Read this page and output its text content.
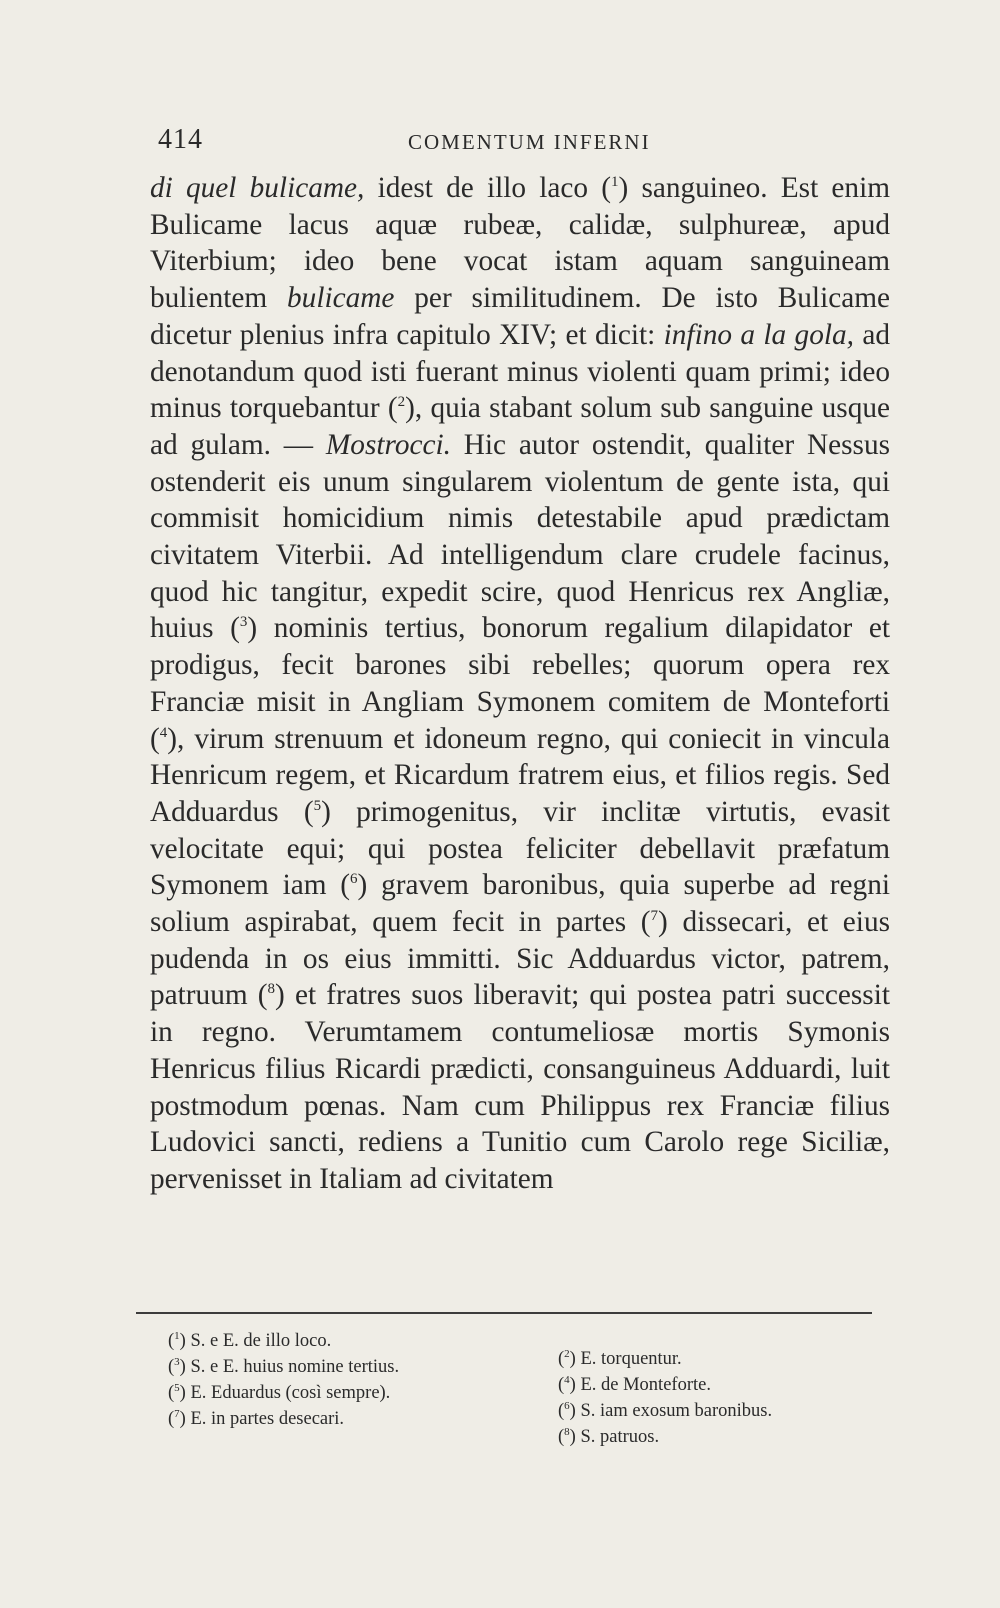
414	COMENTUM INFERNI

di quel bulicame, idest de illo laco ($^1$) sanguineo. Est enim Bulicame lacus aquæ rubeæ, calidæ, sulphureæ, apud Viterbium; ideo bene vocat istam aquam sanguineam bulientem bulicame per similitudinem. De isto Bulicame dicetur plenius infra capitulo XIV; et dicit: infino a la gola, ad denotandum quod isti fuerant minus violenti quam primi; ideo minus torquebantur ($^2$), quia stabant solum sub sanguine usque ad gulam. — Mostrocci. Hic autor ostendit, qualiter Nessus ostenderit eis unum singularem violentum de gente ista, qui commisit homicidium nimis detestabile apud prædictam civitatem Viterbii. Ad intelligendum clare crudele facinus, quod hic tangitur, expedit scire, quod Henricus rex Angliæ, huius ($^3$) nominis tertius, bonorum regalium dilapidator et prodigus, fecit barones sibi rebelles; quorum opera rex Franciæ misit in Angliam Symonem comitem de Monteforti ($^4$), virum strenuum et idoneum regno, qui coniecit in vincula Henricum regem, et Ricardum fratrem eius, et filios regis. Sed Adduardus ($^5$) primogenitus, vir inclitæ virtutis, evasit velocitate equi; qui postea feliciter debellavit præfatum Symonem iam ($^6$) gravem baronibus, quia superbe ad regni solium aspirabat, quem fecit in partes ($^7$) dissecari, et eius pudenda in os eius immitti. Sic Adduardus victor, patrem, patruum ($^8$) et fratres suos liberavit; qui postea patri successit in regno. Verumtamem contumeliosæ mortis Symonis Henricus filius Ricardi prædicti, consanguineus Adduardi, luit postmodum pœnas. Nam cum Philippus rex Franciæ filius Ludovici sancti, rediens a Tunitio cum Carolo rege Siciliæ, pervenisset in Italiam ad civitatem

($^1$) S. e E. de illo loco.
($^3$) S. e E. huius nomine tertius.
($^5$) E. Eduardus (così sempre).
($^7$) E. in partes desecari.
($^2$) E. torquentur.
($^4$) E. de Monteforte.
($^6$) S. iam exosum baronibus.
($^8$) S. patruos.
